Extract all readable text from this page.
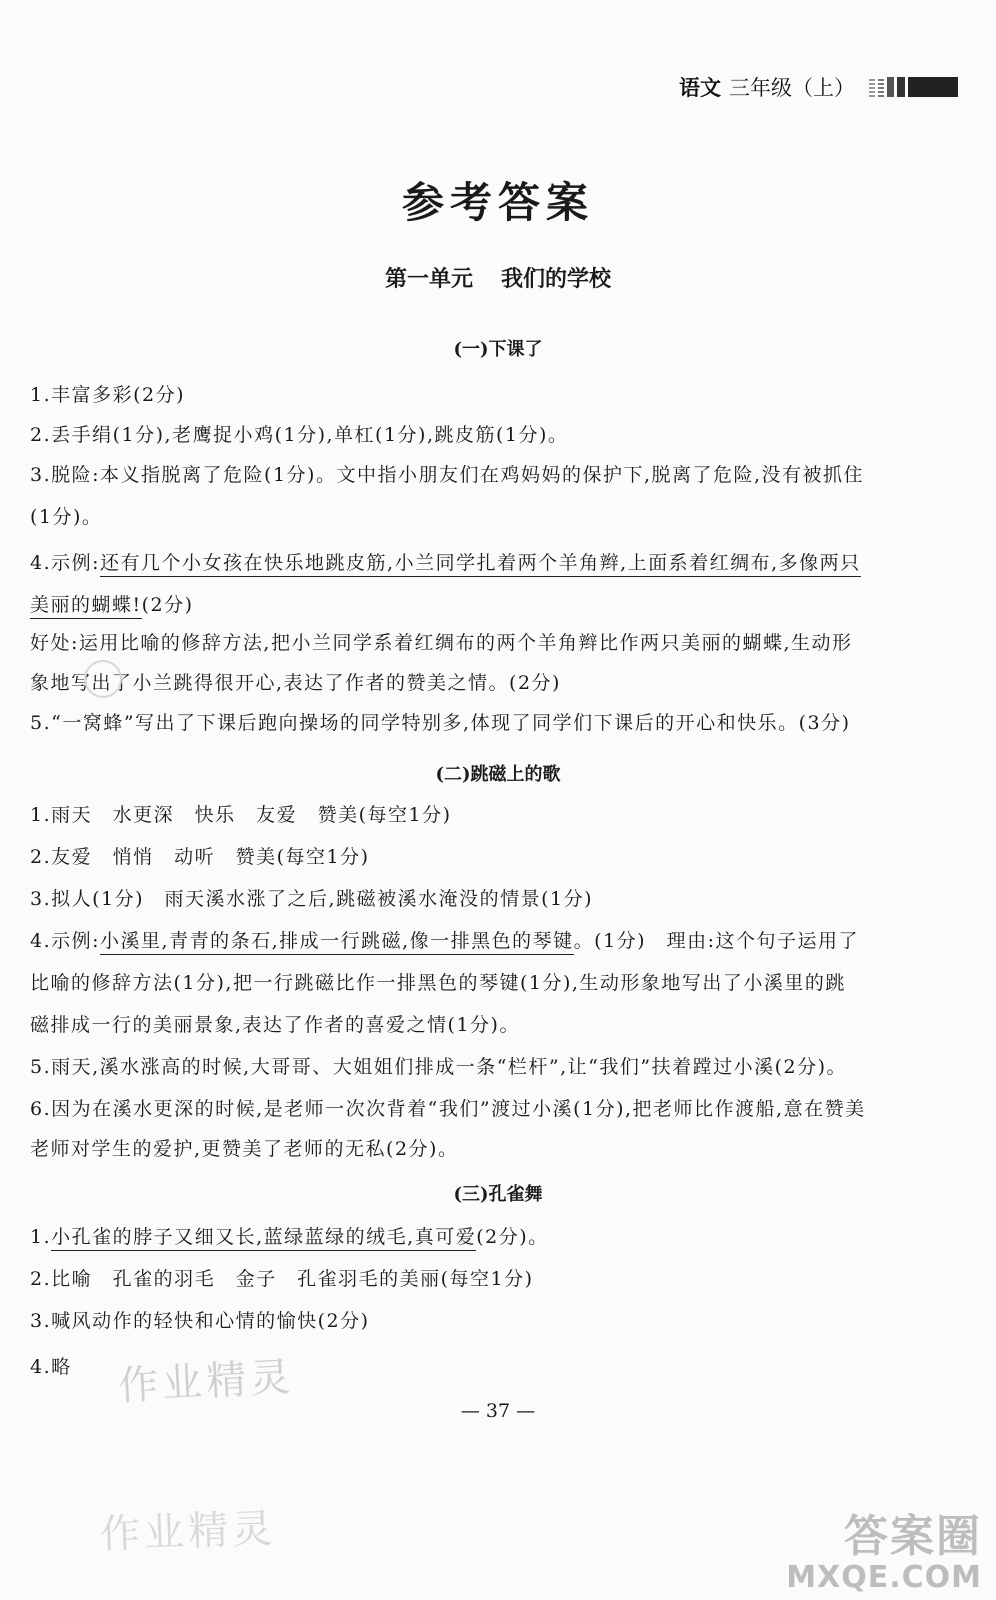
语文 三年级（上）
参考答案
第一单元 我们的学校
(一)下课了
1.丰富多彩(2分)
2.丢手绢(1分),老鹰捉小鸡(1分),单杠(1分),跳皮筋(1分)。
3.脱险:本义指脱离了危险(1分)。文中指小朋友们在鸡妈妈的保护下,脱离了危险,没有被抓住
(1分)。
4.示例:还有几个小女孩在快乐地跳皮筋,小兰同学扎着两个羊角辫,上面系着红绸布,多像两只
美丽的蝴蝶!(2分)
好处:运用比喻的修辞方法,把小兰同学系着红绸布的两个羊角辫比作两只美丽的蝴蝶,生动形
象地写出了小兰跳得很开心,表达了作者的赞美之情。(2分)
5.“一窝蜂”写出了下课后跑向操场的同学特别多,体现了同学们下课后的开心和快乐。(3分)
(二)跳磁上的歌
1.雨天　水更深　快乐　友爱　赞美(每空1分)
2.友爱　悄悄　动听　赞美(每空1分)
3.拟人(1分)　雨天溪水涨了之后,跳磁被溪水淹没的情景(1分)
4.示例:小溪里,青青的条石,排成一行跳磁,像一排黑色的琴键。(1分)　理由:这个句子运用了
比喻的修辞方法(1分),把一行跳磁比作一排黑色的琴键(1分),生动形象地写出了小溪里的跳
磁排成一行的美丽景象,表达了作者的喜爱之情(1分)。
5.雨天,溪水涨高的时候,大哥哥、大姐姐们排成一条“栏杆”,让“我们”扶着蹚过小溪(2分)。
6.因为在溪水更深的时候,是老师一次次背着“我们”渡过小溪(1分),把老师比作渡船,意在赞美
老师对学生的爱护,更赞美了老师的无私(2分)。
(三)孔雀舞
1.小孔雀的脖子又细又长,蓝绿蓝绿的绒毛,真可爱(2分)。
2.比喻　孔雀的羽毛　金子　孔雀羽毛的美丽(每空1分)
3.喊风动作的轻快和心情的愉快(2分)
4.略 作业精灵
— 37 —
作业精灵	答案圈
MXQE.COM
